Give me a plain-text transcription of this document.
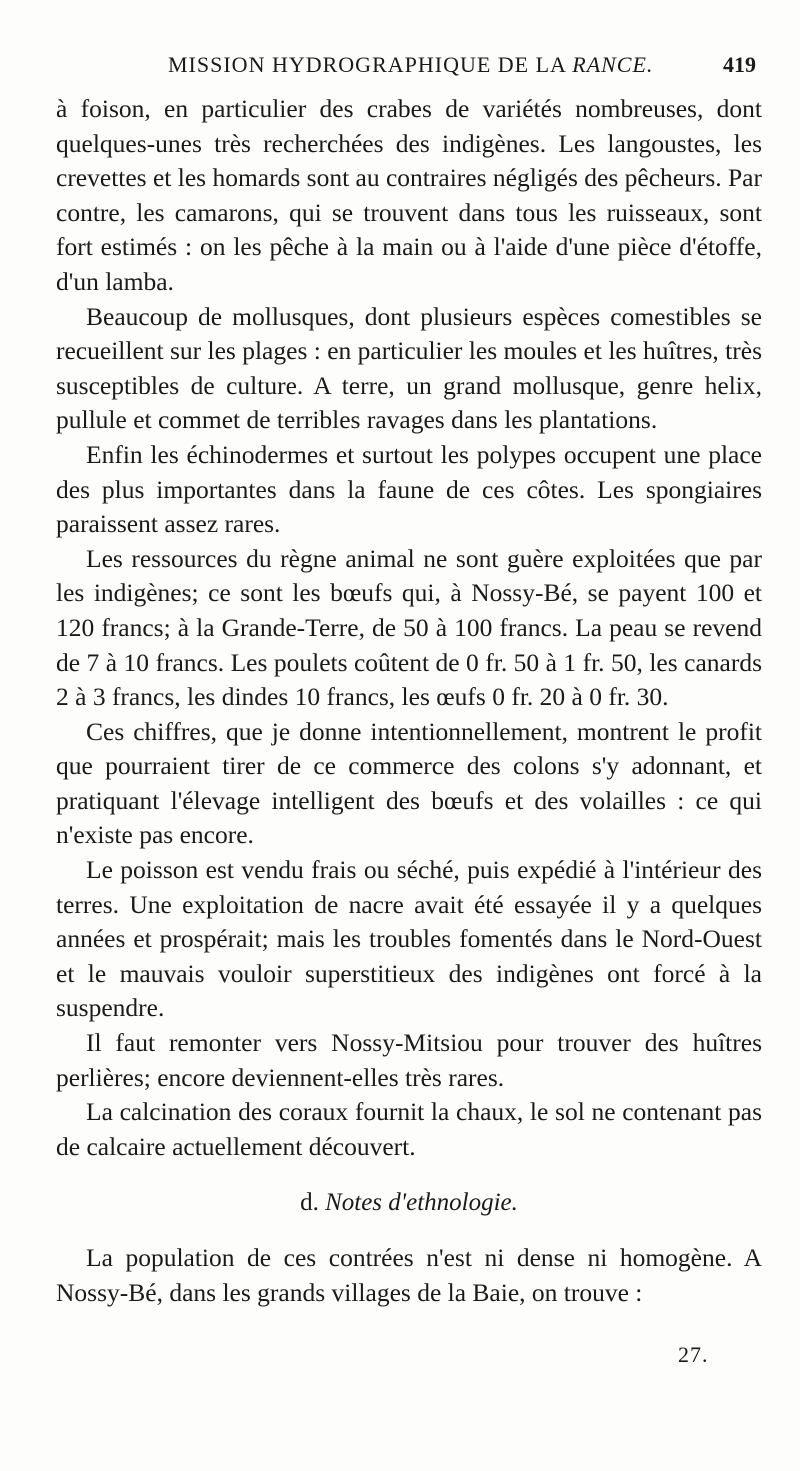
MISSION HYDROGRAPHIQUE DE LA RANCE.	419

à foison, en particulier des crabes de variétés nombreuses, dont quelques-unes très recherchées des indigènes. Les langoustes, les crevettes et les homards sont au contraires négligés des pêcheurs. Par contre, les camarons, qui se trouvent dans tous les ruisseaux, sont fort estimés : on les pêche à la main ou à l'aide d'une pièce d'étoffe, d'un lamba.

Beaucoup de mollusques, dont plusieurs espèces comestibles se recueillent sur les plages : en particulier les moules et les huîtres, très susceptibles de culture. A terre, un grand mollusque, genre helix, pullule et commet de terribles ravages dans les plantations.

Enfin les échinodermes et surtout les polypes occupent une place des plus importantes dans la faune de ces côtes. Les spongiaires paraissent assez rares.

Les ressources du règne animal ne sont guère exploitées que par les indigènes; ce sont les bœufs qui, à Nossy-Bé, se payent 100 et 120 francs; à la Grande-Terre, de 50 à 100 francs. La peau se revend de 7 à 10 francs. Les poulets coûtent de 0 fr. 50 à 1 fr. 50, les canards 2 à 3 francs, les dindes 10 francs, les œufs 0 fr. 20 à 0 fr. 30.

Ces chiffres, que je donne intentionnellement, montrent le profit que pourraient tirer de ce commerce des colons s'y adonnant, et pratiquant l'élevage intelligent des bœufs et des volailles : ce qui n'existe pas encore.

Le poisson est vendu frais ou séché, puis expédié à l'intérieur des terres. Une exploitation de nacre avait été essayée il y a quelques années et prospérait; mais les troubles fomentés dans le Nord-Ouest et le mauvais vouloir superstitieux des indigènes ont forcé à la suspendre.

Il faut remonter vers Nossy-Mitsiou pour trouver des huîtres perlières; encore deviennent-elles très rares.

La calcination des coraux fournit la chaux, le sol ne contenant pas de calcaire actuellement découvert.

d. Notes d'ethnologie.

La population de ces contrées n'est ni dense ni homogène. A Nossy-Bé, dans les grands villages de la Baie, on trouve :

27.
